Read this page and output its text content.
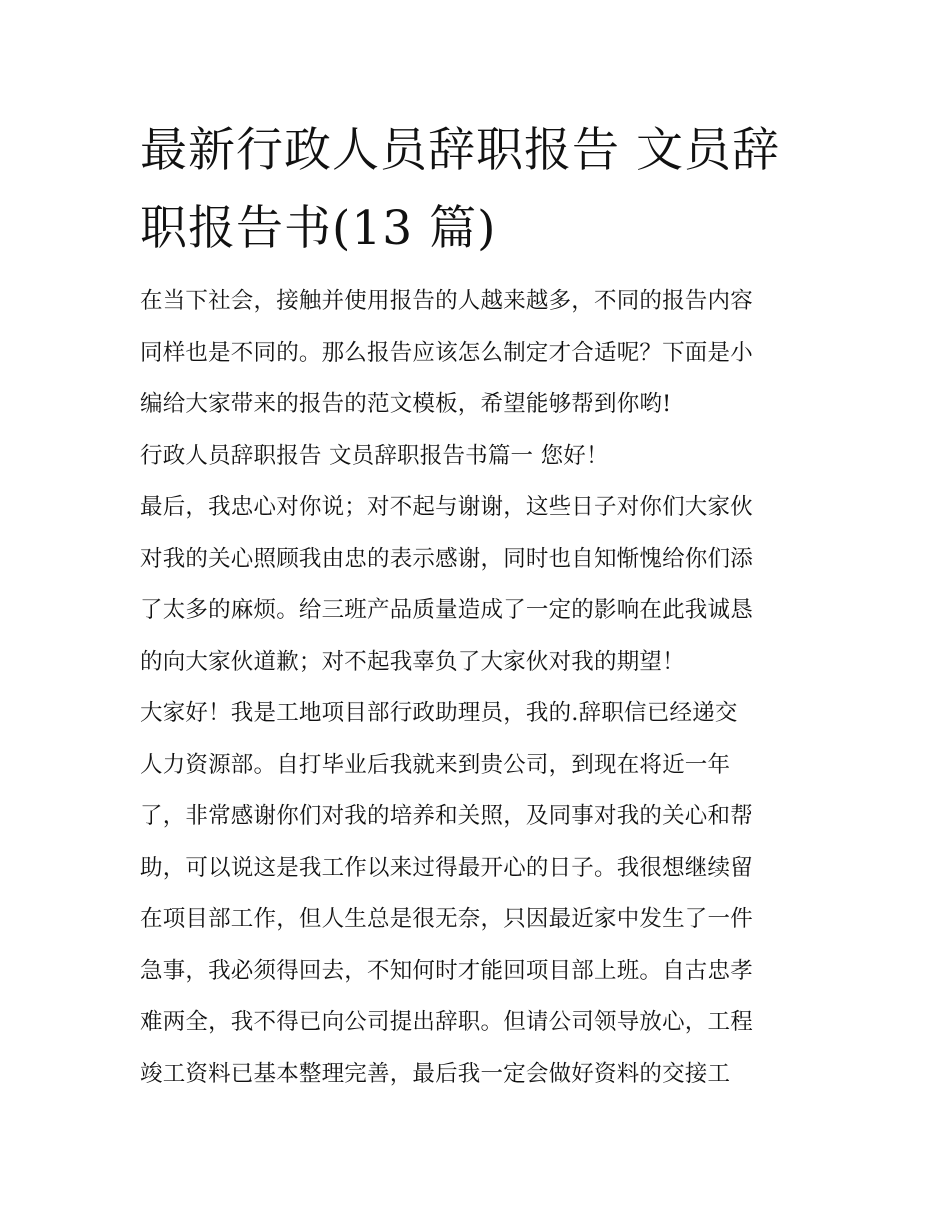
最新行政人员辞职报告 文员辞
职报告书(13 篇)

在当下社会，接触并使用报告的人越来越多，不同的报告内容
同样也是不同的。那么报告应该怎么制定才合适呢？下面是小
编给大家带来的报告的范文模板，希望能够帮到你哟!

行政人员辞职报告 文员辞职报告书篇一 您好！

最后，我忠心对你说；对不起与谢谢，这些日子对你们大家伙
对我的关心照顾我由忠的表示感谢，同时也自知惭愧给你们添
了太多的麻烦。给三班产品质量造成了一定的影响在此我诚恳
的向大家伙道歉；对不起我辜负了大家伙对我的期望！

大家好！我是工地项目部行政助理员，我的.辞职信已经递交
人力资源部。自打毕业后我就来到贵公司，到现在将近一年
了，非常感谢你们对我的培养和关照，及同事对我的关心和帮
助，可以说这是我工作以来过得最开心的日子。我很想继续留
在项目部工作，但人生总是很无奈，只因最近家中发生了一件
急事，我必须得回去，不知何时才能回项目部上班。自古忠孝
难两全，我不得已向公司提出辞职。但请公司领导放心，工程
竣工资料已基本整理完善，最后我一定会做好资料的交接工
